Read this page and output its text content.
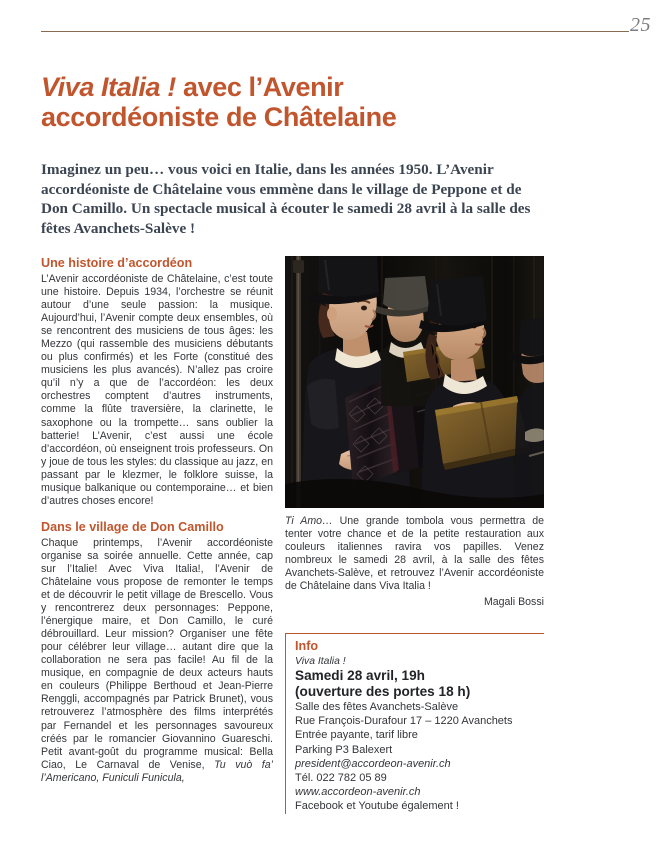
25
Viva Italia ! avec l’Avenir
accordéoniste de Châtelaine
Imaginez un peu… vous voici en Italie, dans les années 1950. L’Avenir accordéoniste de Châtelaine vous emmène dans le village de Peppone et de Don Camillo. Un spectacle musical à écouter le samedi 28 avril à la salle des fêtes Avanchets-Salève !
Une histoire d’accordéon

L’Avenir accordéoniste de Châtelaine, c’est toute une histoire. Depuis 1934, l’orchestre se réunit autour d’une seule passion: la musique. Aujourd’hui, l’Avenir compte deux ensembles, où se rencontrent des musiciens de tous âges: les Mezzo (qui rassemble des musiciens débutants ou plus confirmés) et les Forte (constitué des musiciens les plus avancés). N’allez pas croire qu’il n’y a que de l’accordéon: les deux orchestres comptent d’autres instruments, comme la flûte traversière, la clarinette, le saxophone ou la trompette… sans oublier la batterie! L’Avenir, c’est aussi une école d’accordéon, où enseignent trois professeurs. On y joue de tous les styles: du classique au jazz, en passant par le klezmer, le folklore suisse, la musique balkanique ou contemporaine… et bien d’autres choses encore!

Dans le village de Don Camillo

Chaque printemps, l’Avenir accordéoniste organise sa soirée annuelle. Cette année, cap sur l’Italie! Avec Viva Italia!, l’Avenir de Châtelaine vous propose de remonter le temps et de découvrir le petit village de Brescello. Vous y rencontrerez deux personnages: Peppone, l’énergique maire, et Don Camillo, le curé débrouillard. Leur mission? Organiser une fête pour célébrer leur village… autant dire que la collaboration ne sera pas facile! Au fil de la musique, en compagnie de deux acteurs hauts en couleurs (Philippe Berthoud et Jean-Pierre Renggli, accompagnés par Patrick Brunet), vous retrouverez l’atmosphère des films interprétés par Fernandel et les personnages savoureux créés par le romancier Giovannino Guareschi. Petit avant-goût du programme musical: Bella Ciao, Le Carnaval de Venise, Tu vuò fa’ l’Americano, Funiculi Funicula,

Ti Amo… Une grande tombola vous permettra de tenter votre chance et de la petite restauration aux couleurs italiennes ravira vos papilles. Venez nombreux le samedi 28 avril, à la salle des fêtes Avanchets-Salève, et retrouvez l’Avenir accordéoniste de Châtelaine dans Viva Italia !
Magali Bossi
Info
Viva Italia !
Samedi 28 avril, 19h
(ouverture des portes 18 h)
Salle des fêtes Avanchets-Salève
Rue François-Durafour 17 – 1220 Avanchets
Entrée payante, tarif libre
Parking P3 Balexert
president@accordeon-avenir.ch
Tél. 022 782 05 89
www.accordeon-avenir.ch
Facebook et Youtube également !
